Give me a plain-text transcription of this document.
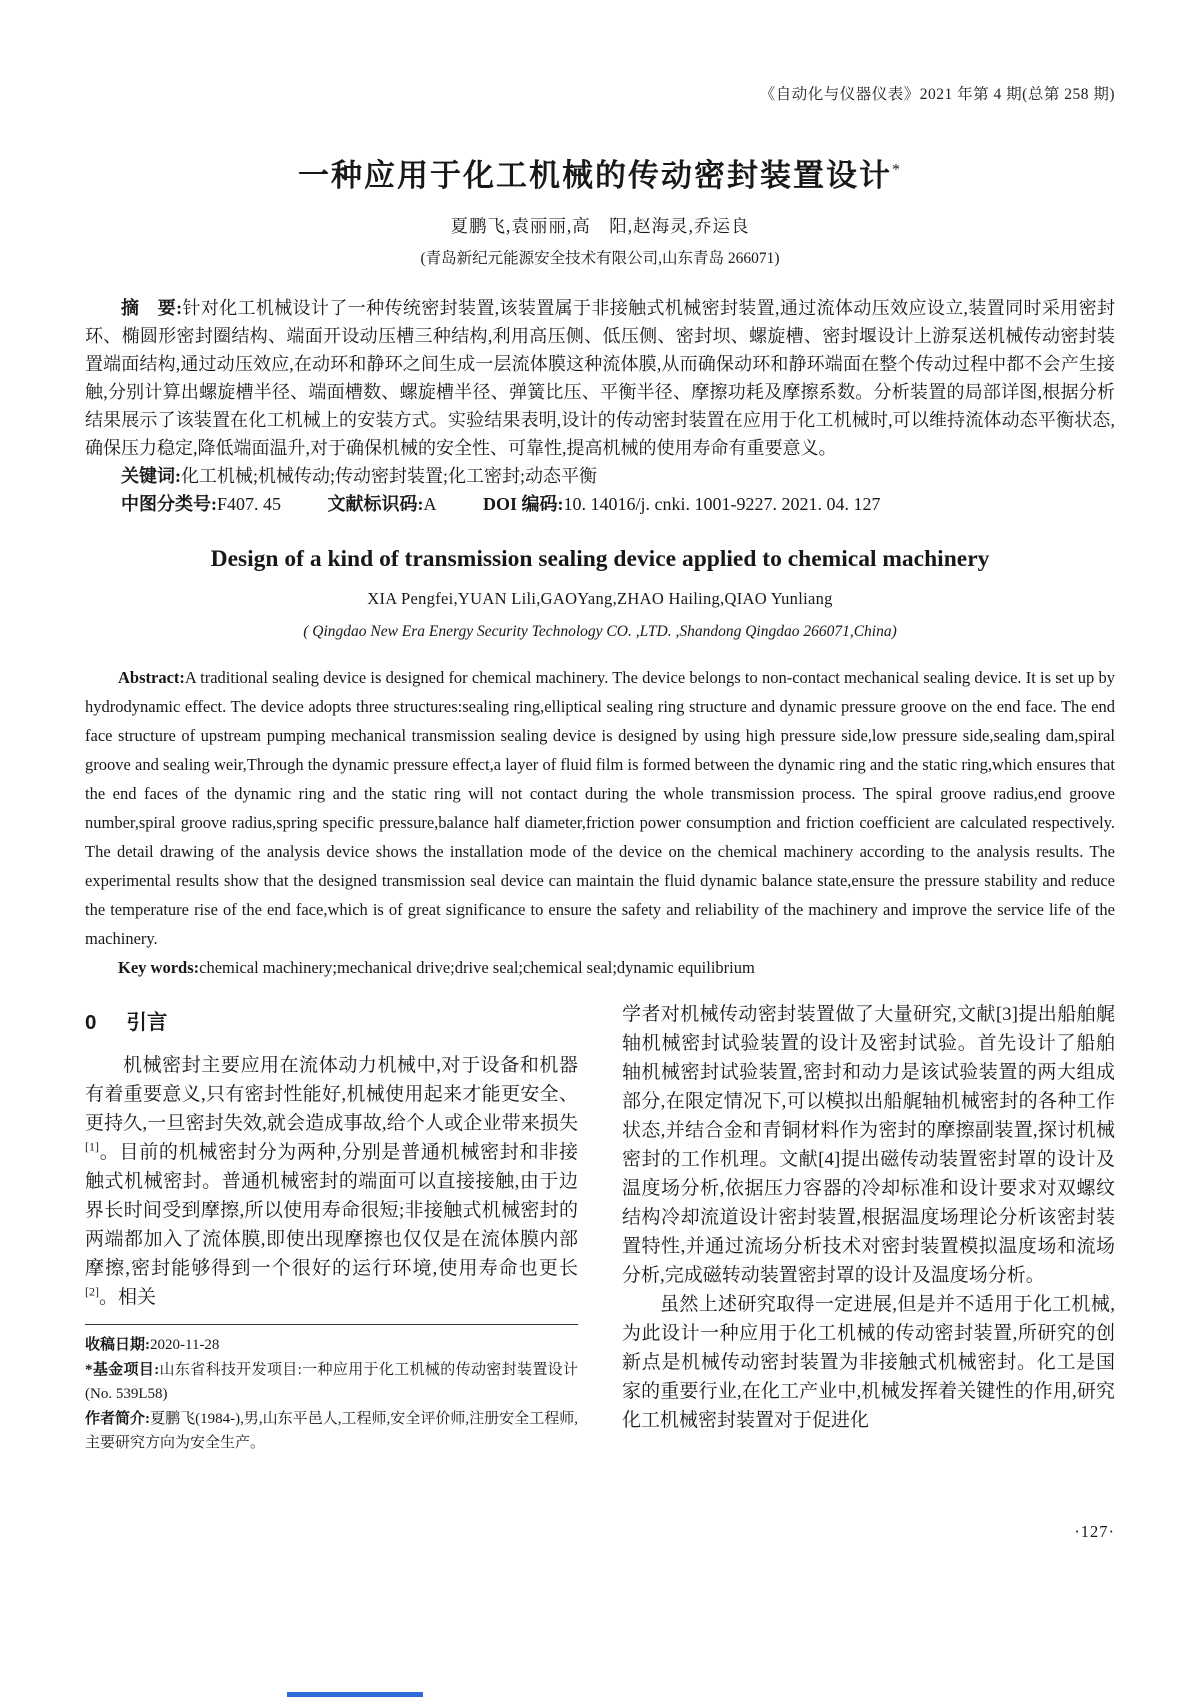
《自动化与仪器仪表》2021 年第 4 期(总第 258 期)
一种应用于化工机械的传动密封装置设计*
夏鹏飞,袁丽丽,高　阳,赵海灵,乔运良
(青岛新纪元能源安全技术有限公司,山东青岛 266071)

摘　要:针对化工机械设计了一种传统密封装置,该装置属于非接触式机械密封装置,通过流体动压效应设立,装置同时采用密封环、椭圆形密封圈结构、端面开设动压槽三种结构,利用高压侧、低压侧、密封坝、螺旋槽、密封堰设计上游泵送机械传动密封装置端面结构,通过动压效应,在动环和静环之间生成一层流体膜这种流体膜,从而确保动环和静环端面在整个传动过程中都不会产生接触,分别计算出螺旋槽半径、端面槽数、螺旋槽半径、弹簧比压、平衡半径、摩擦功耗及摩擦系数。分析装置的局部详图,根据分析结果展示了该装置在化工机械上的安装方式。实验结果表明,设计的传动密封装置在应用于化工机械时,可以维持流体动态平衡状态,确保压力稳定,降低端面温升,对于确保机械的安全性、可靠性,提高机械的使用寿命有重要意义。

关键词:化工机械;机械传动;传动密封装置;化工密封;动态平衡

中图分类号:F407. 45	文献标识码:A	DOI 编码:10. 14016/j. cnki. 1001-9227. 2021. 04. 127

Design of a kind of transmission sealing device applied to chemical machinery
XIA Pengfei,YUAN Lili,GAOYang,ZHAO Hailing,QIAO Yunliang
( Qingdao New Era Energy Security Technology CO. ,LTD. ,Shandong Qingdao 266071,China)

Abstract:A traditional sealing device is designed for chemical machinery. The device belongs to non-contact mechanical sealing device. It is set up by hydrodynamic effect. The device adopts three structures:sealing ring,elliptical sealing ring structure and dynamic pressure groove on the end face. The end face structure of upstream pumping mechanical transmission sealing device is designed by using high pressure side,low pressure side,sealing dam,spiral groove and sealing weir,Through the dynamic pressure effect,a layer of fluid film is formed between the dynamic ring and the static ring,which ensures that the end faces of the dynamic ring and the static ring will not contact during the whole transmission process. The spiral groove radius,end groove number,spiral groove radius,spring specific pressure,balance half diameter,friction power consumption and friction coefficient are calculated respectively. The detail drawing of the analysis device shows the installation mode of the device on the chemical machinery according to the analysis results. The experimental results show that the designed transmission seal device can maintain the fluid dynamic balance state,ensure the pressure stability and reduce the temperature rise of the end face,which is of great significance to ensure the safety and reliability of the machinery and improve the service life of the machinery.

Key words:chemical machinery;mechanical drive;drive seal;chemical seal;dynamic equilibrium

0 引言

机械密封主要应用在流体动力机械中,对于设备和机器有着重要意义,只有密封性能好,机械使用起来才能更安全、更持久,一旦密封失效,就会造成事故,给个人或企业带来损失[1]。目前的机械密封分为两种,分别是普通机械密封和非接触式机械密封。普通机械密封的端面可以直接接触,由于边界长时间受到摩擦,所以使用寿命很短;非接触式机械密封的两端都加入了流体膜,即使出现摩擦也仅仅是在流体膜内部摩擦,密封能够得到一个很好的运行环境,使用寿命也更长[2]。相关

收稿日期:2020-11-28

*基金项目:山东省科技开发项目:一种应用于化工机械的传动密封装置设计(No. 539L58)

作者简介:夏鹏飞(1984-),男,山东平邑人,工程师,安全评价师,注册安全工程师,主要研究方向为安全生产。

学者对机械传动密封装置做了大量研究,文献[3]提出船舶艉轴机械密封试验装置的设计及密封试验。首先设计了船舶轴机械密封试验装置,密封和动力是该试验装置的两大组成部分,在限定情况下,可以模拟出船艉轴机械密封的各种工作状态,并结合金和青铜材料作为密封的摩擦副装置,探讨机械密封的工作机理。文献[4]提出磁传动装置密封罩的设计及温度场分析,依据压力容器的冷却标准和设计要求对双螺纹结构冷却流道设计密封装置,根据温度场理论分析该密封装置特性,并通过流场分析技术对密封装置模拟温度场和流场分析,完成磁转动装置密封罩的设计及温度场分析。

虽然上述研究取得一定进展,但是并不适用于化工机械,为此设计一种应用于化工机械的传动密封装置,所研究的创新点是机械传动密封装置为非接触式机械密封。化工是国家的重要行业,在化工产业中,机械发挥着关键性的作用,研究化工机械密封装置对于促进化

·127·
